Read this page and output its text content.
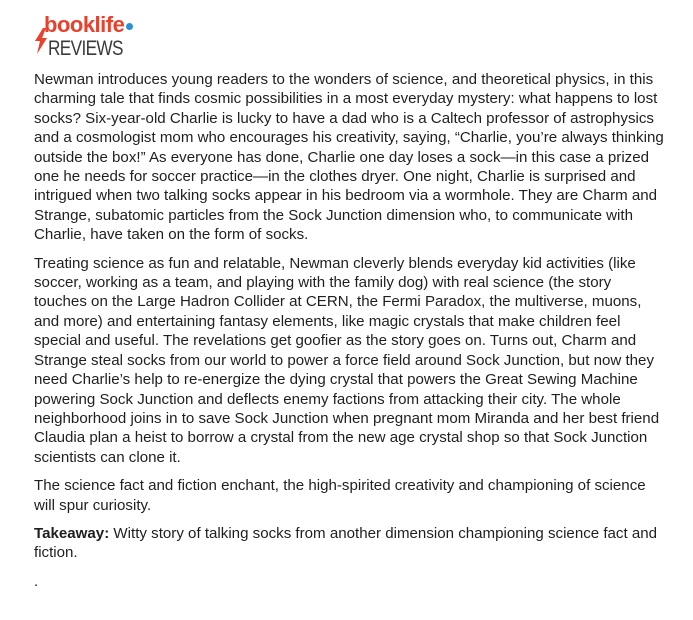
booklife
REVIEWS

Newman introduces young readers to the wonders of science, and theoretical physics, in this charming tale that finds cosmic possibilities in a most everyday mystery: what happens to lost socks? Six-year-old Charlie is lucky to have a dad who is a Caltech professor of astrophysics and a cosmologist mom who encourages his creativity, saying, “Charlie, you’re always thinking outside the box!” As everyone has done, Charlie one day loses a sock—in this case a prized one he needs for soccer practice—in the clothes dryer. One night, Charlie is surprised and intrigued when two talking socks appear in his bedroom via a wormhole. They are Charm and Strange, subatomic particles from the Sock Junction dimension who, to communicate with Charlie, have taken on the form of socks.

Treating science as fun and relatable, Newman cleverly blends everyday kid activities (like soccer, working as a team, and playing with the family dog) with real science (the story touches on the Large Hadron Collider at CERN, the Fermi Paradox, the multiverse, muons, and more) and entertaining fantasy elements, like magic crystals that make children feel special and useful. The revelations get goofier as the story goes on. Turns out, Charm and Strange steal socks from our world to power a force field around Sock Junction, but now they need Charlie’s help to re-energize the dying crystal that powers the Great Sewing Machine powering Sock Junction and deflects enemy factions from attacking their city. The whole neighborhood joins in to save Sock Junction when pregnant mom Miranda and her best friend Claudia plan a heist to borrow a crystal from the new age crystal shop so that Sock Junction scientists can clone it.

The science fact and fiction enchant, the high-spirited creativity and championing of science will spur curiosity.

Takeaway: Witty story of talking socks from another dimension championing science fact and fiction.

.
